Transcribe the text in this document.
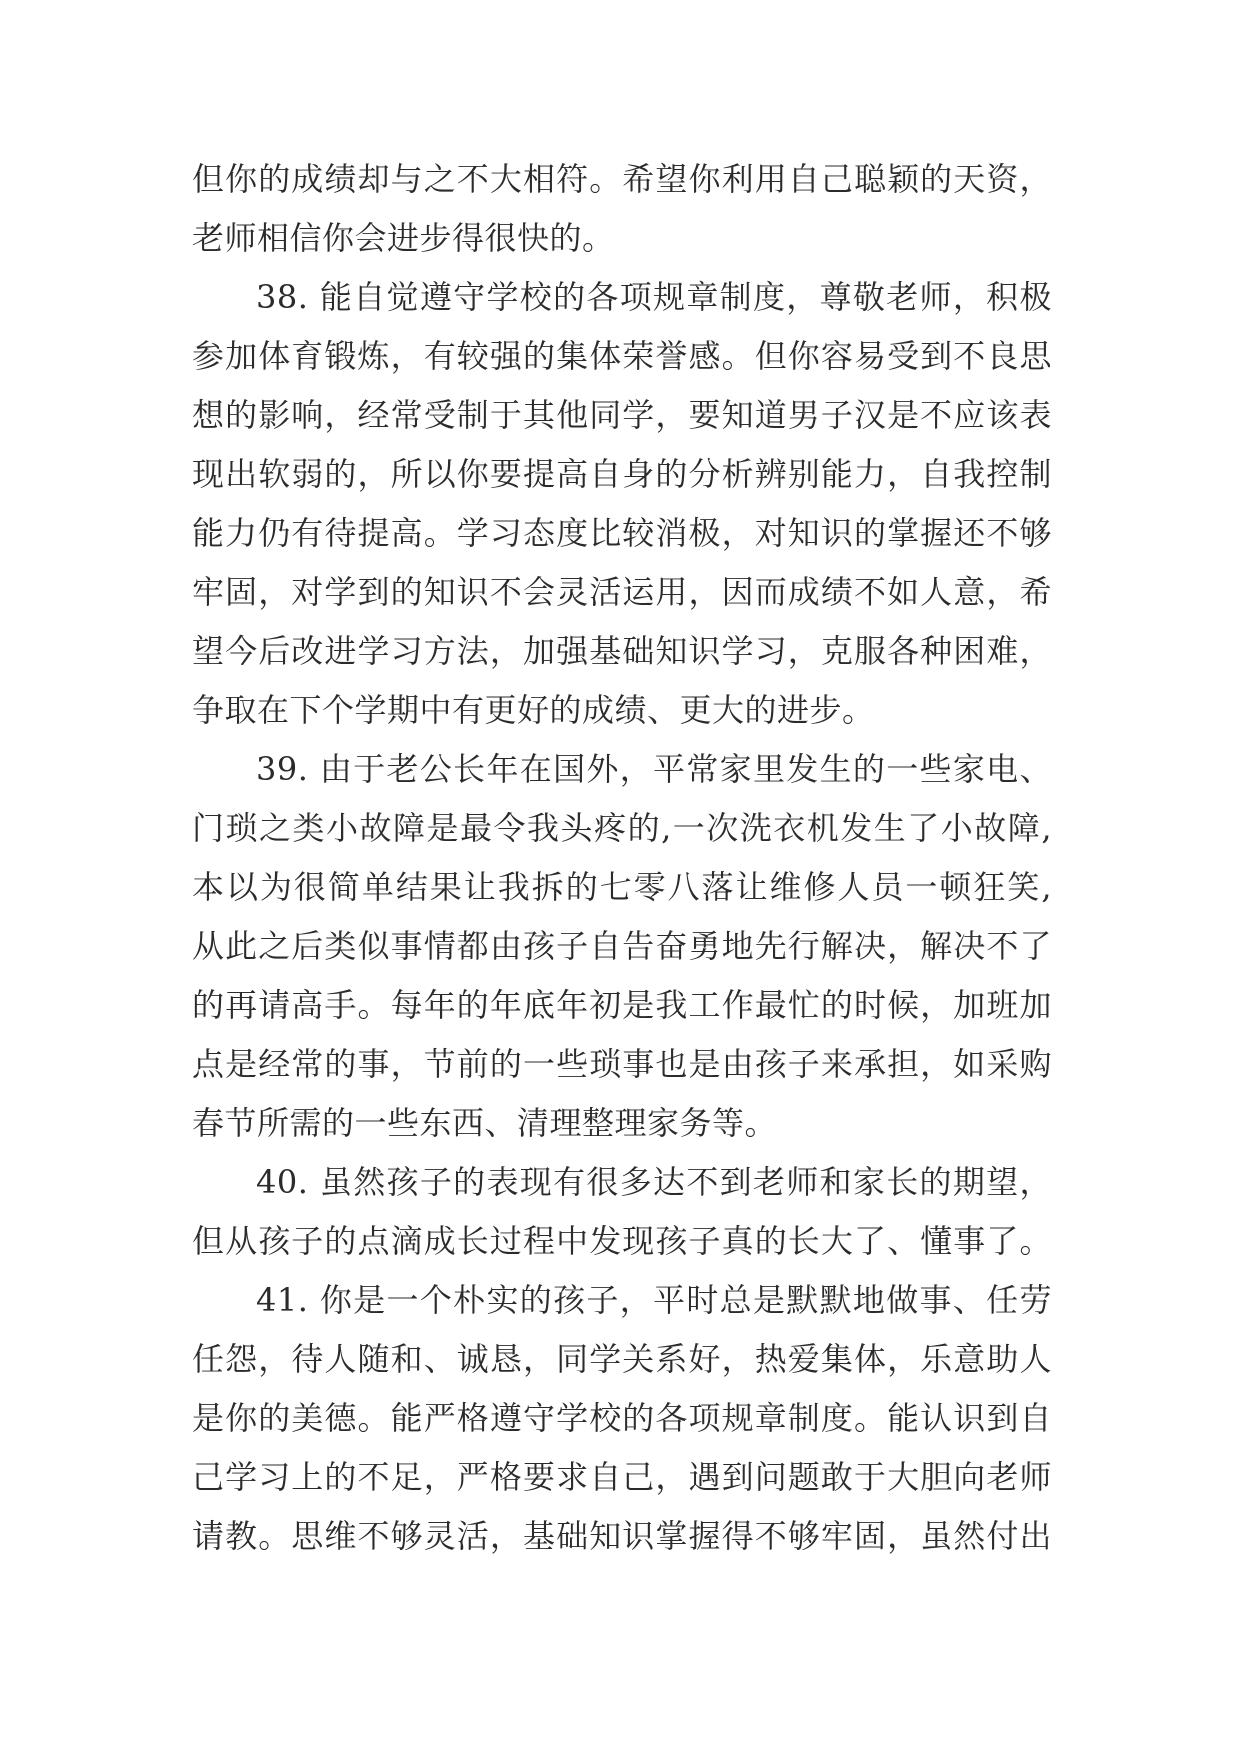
但你的成绩却与之不大相符。希望你利用自己聪颖的天资，
老师相信你会进步得很快的。
38. 能自觉遵守学校的各项规章制度，尊敬老师，积极
参加体育锻炼，有较强的集体荣誉感。但你容易受到不良思
想的影响，经常受制于其他同学，要知道男子汉是不应该表
现出软弱的，所以你要提高自身的分析辨别能力，自我控制
能力仍有待提高。学习态度比较消极，对知识的掌握还不够
牢固，对学到的知识不会灵活运用，因而成绩不如人意，希
望今后改进学习方法，加强基础知识学习，克服各种困难，
争取在下个学期中有更好的成绩、更大的进步。
39. 由于老公长年在国外，平常家里发生的一些家电、
门琐之类小故障是最令我头疼的,一次洗衣机发生了小故障,
本以为很简单结果让我拆的七零八落让维修人员一顿狂笑,
从此之后类似事情都由孩子自告奋勇地先行解决，解决不了
的再请高手。每年的年底年初是我工作最忙的时候，加班加
点是经常的事，节前的一些琐事也是由孩子来承担，如采购
春节所需的一些东西、清理整理家务等。
40. 虽然孩子的表现有很多达不到老师和家长的期望，
但从孩子的点滴成长过程中发现孩子真的长大了、懂事了。
41. 你是一个朴实的孩子，平时总是默默地做事、任劳
任怨，待人随和、诚恳，同学关系好，热爱集体，乐意助人
是你的美德。能严格遵守学校的各项规章制度。能认识到自
己学习上的不足，严格要求自己，遇到问题敢于大胆向老师
请教。思维不够灵活，基础知识掌握得不够牢固，虽然付出
